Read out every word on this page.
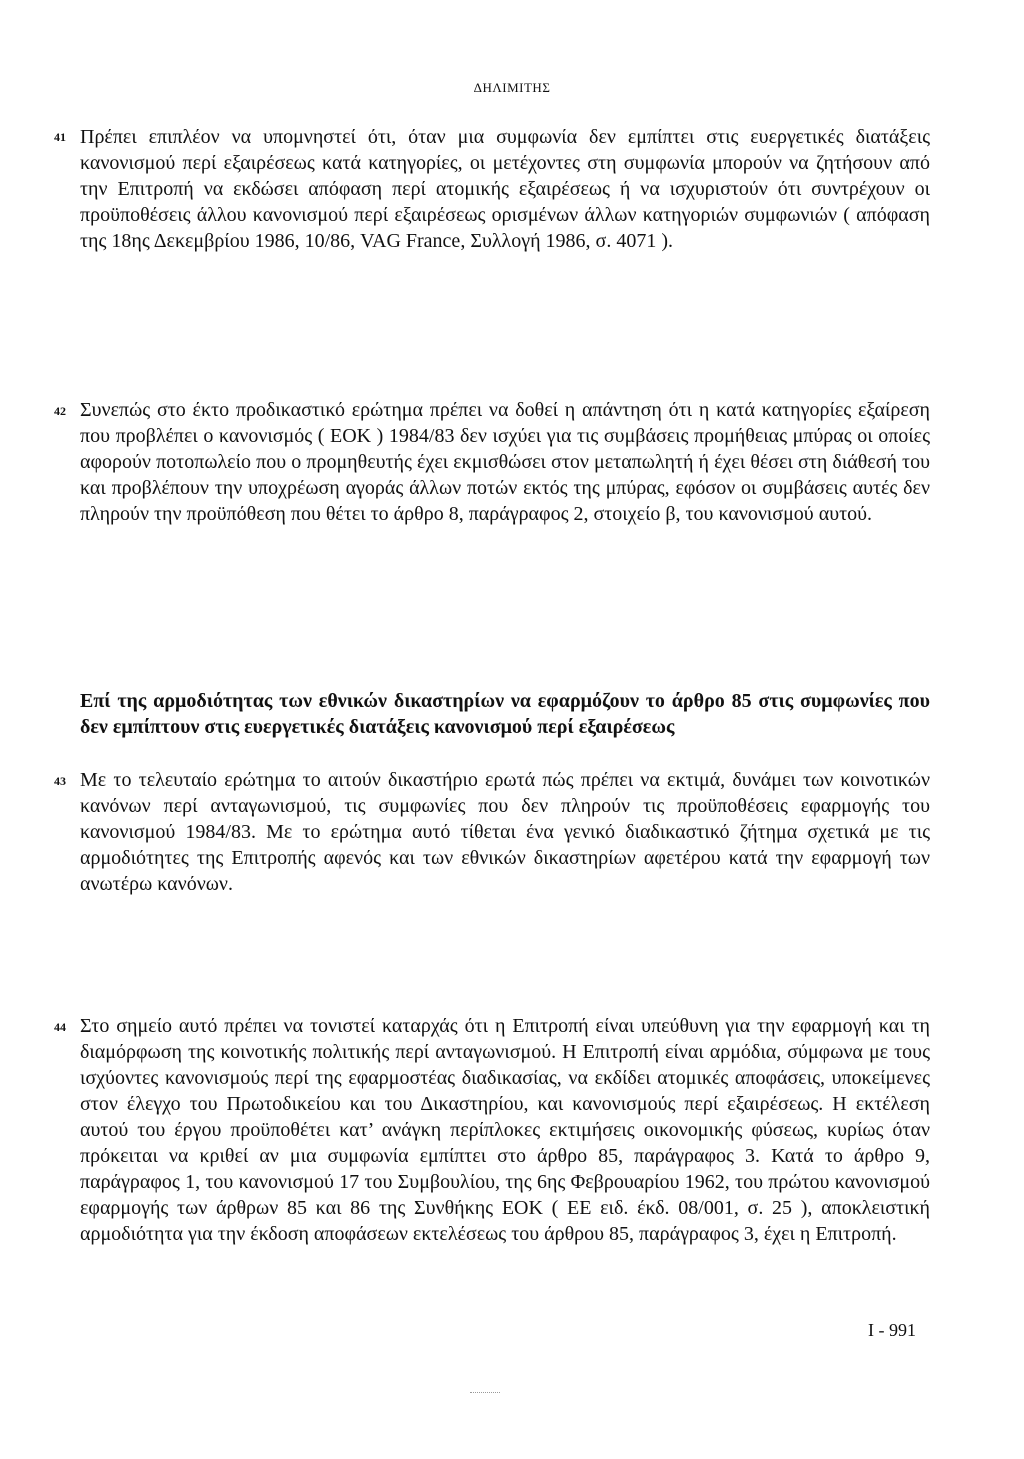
ΔΗΛΙΜΙΤΗΣ
41 Πρέπει επιπλέον να υπομνηστεί ότι, όταν μια συμφωνία δεν εμπίπτει στις ευεργετικές διατάξεις κανονισμού περί εξαιρέσεως κατά κατηγορίες, οι μετέχοντες στη συμφωνία μπορούν να ζητήσουν από την Επιτροπή να εκδώσει απόφαση περί ατομικής εξαιρέσεως ή να ισχυριστούν ότι συντρέχουν οι προϋποθέσεις άλλου κανονισμού περί εξαιρέσεως ορισμένων άλλων κατηγοριών συμφωνιών ( απόφαση της 18ης Δεκεμβρίου 1986, 10/86, VAG France, Συλλογή 1986, σ. 4071 ).
42 Συνεπώς στο έκτο προδικαστικό ερώτημα πρέπει να δοθεί η απάντηση ότι η κατά κατηγορίες εξαίρεση που προβλέπει ο κανονισμός ( ΕΟΚ ) 1984/83 δεν ισχύει για τις συμβάσεις προμήθειας μπύρας οι οποίες αφορούν ποτοπωλείο που ο προμηθευτής έχει εκμισθώσει στον μεταπωλητή ή έχει θέσει στη διάθεσή του και προβλέπουν την υποχρέωση αγοράς άλλων ποτών εκτός της μπύρας, εφόσον οι συμβάσεις αυτές δεν πληρούν την προϋπόθεση που θέτει το άρθρο 8, παράγραφος 2, στοιχείο β, του κανονισμού αυτού.
Επί της αρμοδιότητας των εθνικών δικαστηρίων να εφαρμόζουν το άρθρο 85 στις συμφωνίες που δεν εμπίπτουν στις ευεργετικές διατάξεις κανονισμού περί εξαιρέσεως
43 Με το τελευταίο ερώτημα το αιτούν δικαστήριο ερωτά πώς πρέπει να εκτιμά, δυνάμει των κοινοτικών κανόνων περί ανταγωνισμού, τις συμφωνίες που δεν πληρούν τις προϋποθέσεις εφαρμογής του κανονισμού 1984/83. Με το ερώτημα αυτό τίθεται ένα γενικό διαδικαστικό ζήτημα σχετικά με τις αρμοδιότητες της Επιτροπής αφενός και των εθνικών δικαστηρίων αφετέρου κατά την εφαρμογή των ανωτέρω κανόνων.
44 Στο σημείο αυτό πρέπει να τονιστεί καταρχάς ότι η Επιτροπή είναι υπεύθυνη για την εφαρμογή και τη διαμόρφωση της κοινοτικής πολιτικής περί ανταγωνισμού. Η Επιτροπή είναι αρμόδια, σύμφωνα με τους ισχύοντες κανονισμούς περί της εφαρμοστέας διαδικασίας, να εκδίδει ατομικές αποφάσεις, υποκείμενες στον έλεγχο του Πρωτοδικείου και του Δικαστηρίου, και κανονισμούς περί εξαιρέσεως. Η εκτέλεση αυτού του έργου προϋποθέτει κατ’ ανάγκη περίπλοκες εκτιμήσεις οικονομικής φύσεως, κυρίως όταν πρόκειται να κριθεί αν μια συμφωνία εμπίπτει στο άρθρο 85, παράγραφος 3. Κατά το άρθρο 9, παράγραφος 1, του κανονισμού 17 του Συμβουλίου, της 6ης Φεβρουαρίου 1962, του πρώτου κανονισμού εφαρμογής των άρθρων 85 και 86 της Συνθήκης ΕΟΚ ( ΕΕ ειδ. έκδ. 08/001, σ. 25 ), αποκλειστική αρμοδιότητα για την έκδοση αποφάσεων εκτελέσεως του άρθρου 85, παράγραφος 3, έχει η Επιτροπή.
I - 991
